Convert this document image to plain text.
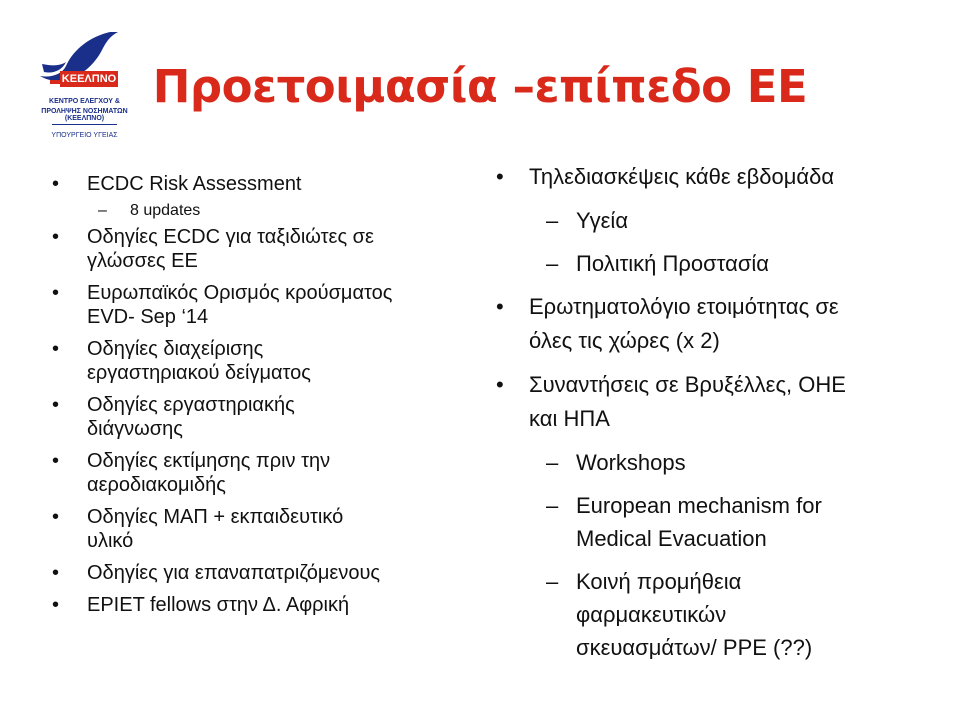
ΚΕΕΛΠΝΟ
ΚΕΝΤΡΟ ΕΛΕΓΧΟΥ &
ΠΡΟΛΗΨΗΣ ΝΟΣΗΜΑΤΩΝ (ΚΕΕΛΠΝΟ)
ΥΠΟΥΡΓΕΙΟ ΥΓΕΙΑΣ
Προετοιμασία –επίπεδο ΕΕ
• ECDC Risk Assessment
– 8 updates
• Οδηγίες ECDC για ταξιδιώτες σε
γλώσσες ΕΕ
• Ευρωπαϊκός Ορισμός κρούσματος
EVD- Sep ‘14
• Οδηγίες διαχείρισης
εργαστηριακού δείγματος
• Οδηγίες εργαστηριακής
διάγνωσης
• Οδηγίες εκτίμησης πριν την
αεροδιακομιδής
• Οδηγίες ΜΑΠ + εκπαιδευτικό
υλικό
• Οδηγίες για επαναπατριζόμενους
• EPIET fellows στην Δ. Αφρική
• Τηλεδιασκέψεις κάθε εβδομάδα
– Υγεία
– Πολιτική Προστασία
• Ερωτηματολόγιο ετοιμότητας σε
όλες τις χώρες (x 2)
• Συναντήσεις σε Βρυξέλλες, ΟΗΕ
και ΗΠΑ
– Workshops
– European mechanism for
Medical Evacuation
– Κοινή προμήθεια
φαρμακευτικών
σκευασμάτων/ PPE (??)
